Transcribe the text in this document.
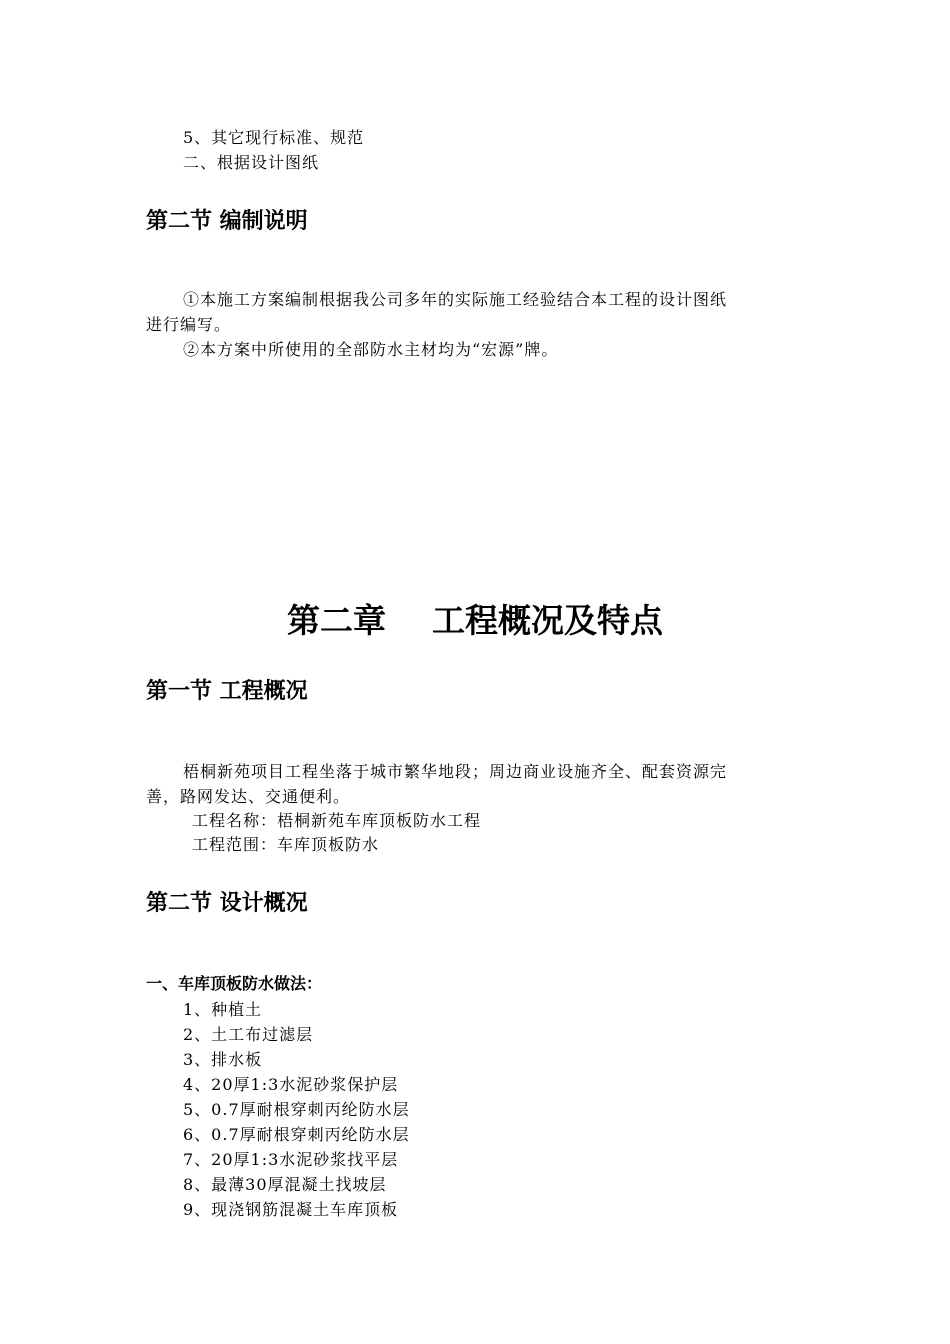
5、其它现行标准、规范
二、根据设计图纸
第二节 编制说明
①本施工方案编制根据我公司多年的实际施工经验结合本工程的设计图纸
进行编写。
②本方案中所使用的全部防水主材均为“宏源”牌。
第二章    工程概况及特点
第一节 工程概况
梧桐新苑项目工程坐落于城市繁华地段；周边商业设施齐全、配套资源完
善，路网发达、交通便利。
工程名称：梧桐新苑车库顶板防水工程
工程范围：车库顶板防水
第二节 设计概况
一、车库顶板防水做法：
1、种植土
2、土工布过滤层
3、排水板
4、20厚1:3水泥砂浆保护层
5、0.7厚耐根穿刺丙纶防水层
6、0.7厚耐根穿刺丙纶防水层
7、20厚1:3水泥砂浆找平层
8、最薄30厚混凝土找坡层
9、现浇钢筋混凝土车库顶板
